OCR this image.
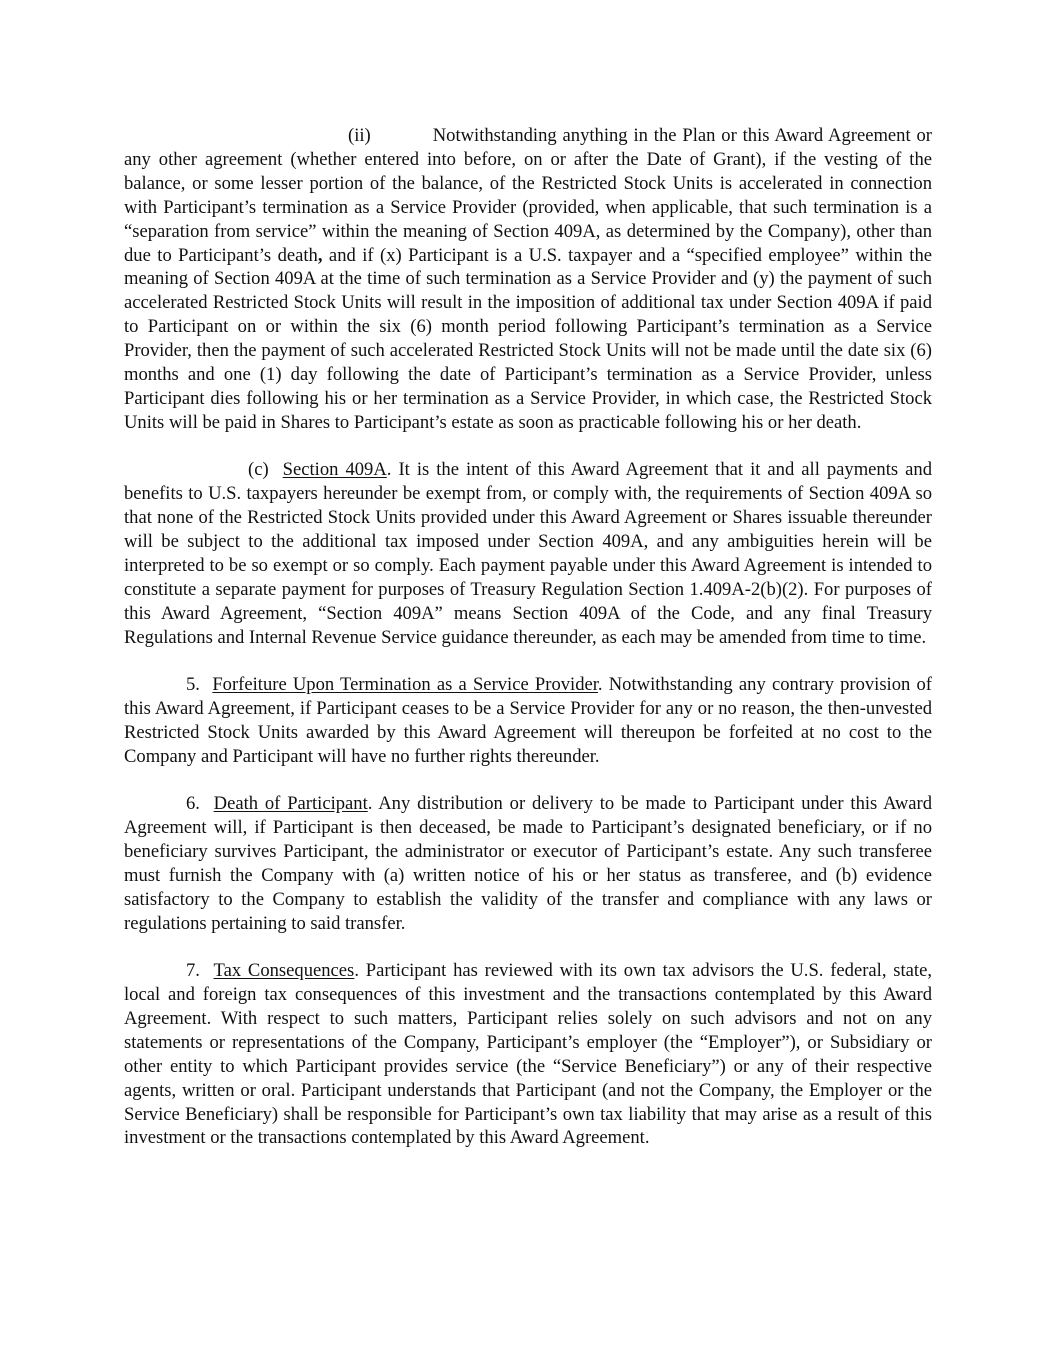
(ii)	Notwithstanding anything in the Plan or this Award Agreement or any other agreement (whether entered into before, on or after the Date of Grant), if the vesting of the balance, or some lesser portion of the balance, of the Restricted Stock Units is accelerated in connection with Participant’s termination as a Service Provider (provided, when applicable, that such termination is a “separation from service” within the meaning of Section 409A, as determined by the Company), other than due to Participant’s death, and if (x) Participant is a U.S. taxpayer and a “specified employee” within the meaning of Section 409A at the time of such termination as a Service Provider and (y) the payment of such accelerated Restricted Stock Units will result in the imposition of additional tax under Section 409A if paid to Participant on or within the six (6) month period following Participant’s termination as a Service Provider, then the payment of such accelerated Restricted Stock Units will not be made until the date six (6) months and one (1) day following the date of Participant’s termination as a Service Provider, unless Participant dies following his or her termination as a Service Provider, in which case, the Restricted Stock Units will be paid in Shares to Participant’s estate as soon as practicable following his or her death.

(c) Section 409A. It is the intent of this Award Agreement that it and all payments and benefits to U.S. taxpayers hereunder be exempt from, or comply with, the requirements of Section 409A so that none of the Restricted Stock Units provided under this Award Agreement or Shares issuable thereunder will be subject to the additional tax imposed under Section 409A, and any ambiguities herein will be interpreted to be so exempt or so comply. Each payment payable under this Award Agreement is intended to constitute a separate payment for purposes of Treasury Regulation Section 1.409A-2(b)(2). For purposes of this Award Agreement, “Section 409A” means Section 409A of the Code, and any final Treasury Regulations and Internal Revenue Service guidance thereunder, as each may be amended from time to time.

5. Forfeiture Upon Termination as a Service Provider. Notwithstanding any contrary provision of this Award Agreement, if Participant ceases to be a Service Provider for any or no reason, the then-unvested Restricted Stock Units awarded by this Award Agreement will thereupon be forfeited at no cost to the Company and Participant will have no further rights thereunder.

6. Death of Participant. Any distribution or delivery to be made to Participant under this Award Agreement will, if Participant is then deceased, be made to Participant’s designated beneficiary, or if no beneficiary survives Participant, the administrator or executor of Participant’s estate. Any such transferee must furnish the Company with (a) written notice of his or her status as transferee, and (b) evidence satisfactory to the Company to establish the validity of the transfer and compliance with any laws or regulations pertaining to said transfer.

7. Tax Consequences. Participant has reviewed with its own tax advisors the U.S. federal, state, local and foreign tax consequences of this investment and the transactions contemplated by this Award Agreement. With respect to such matters, Participant relies solely on such advisors and not on any statements or representations of the Company, Participant’s employer (the “Employer”), or Subsidiary or other entity to which Participant provides service (the “Service Beneficiary”) or any of their respective agents, written or oral. Participant understands that Participant (and not the Company, the Employer or the Service Beneficiary) shall be responsible for Participant’s own tax liability that may arise as a result of this investment or the transactions contemplated by this Award Agreement.
